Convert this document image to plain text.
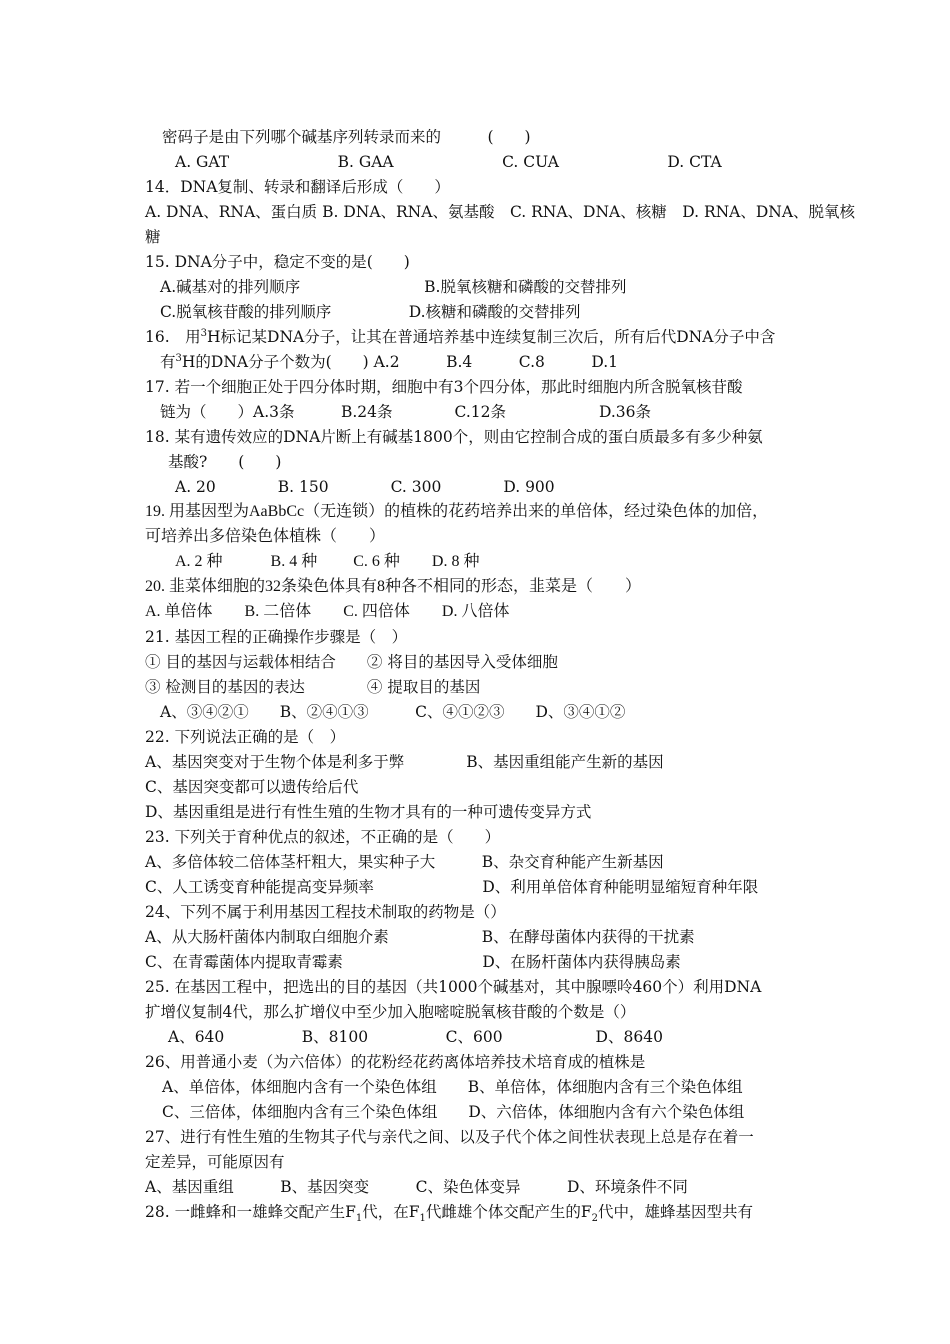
密码子是由下列哪个碱基序列转录而来的　　　(　　)
A. GAT　　　　　　　B. GAA　　　　　　　C. CUA　　　　　　　D. CTA
14．DNA复制、转录和翻译后形成（　　）
A. DNA、RNA、蛋白质 B. DNA、RNA、氨基酸　C. RNA、DNA、核糖　D. RNA、DNA、脱氧核
糖
15. DNA分子中，稳定不变的是(　　)
A.碱基对的排列顺序　　　　　　　　B.脱氧核糖和磷酸的交替排列
C.脱氧核苷酸的排列顺序　　　　　D.核糖和磷酸的交替排列
16.　用$^3$H标记某DNA分子，让其在普通培养基中连续复制三次后，所有后代DNA分子中含
有$^3$H的DNA分子个数为(　　) A.2　　　B.4　　　C.8　　　D.1
17. 若一个细胞正处于四分体时期，细胞中有3个四分体，那此时细胞内所含脱氧核苷酸
链为（　　）A.3条　　　B.24条　　　　C.12条　　　　　　D.36条
18. 某有遗传效应的DNA片断上有碱基1800个，则由它控制合成的蛋白质最多有多少种氨
基酸?　　(　　)
A. 20　　　　B. 150　　　　C. 300　　　　D. 900
19. 用基因型为AaBbCc（无连锁）的植株的花药培养出来的单倍体，经过染色体的加倍，
可培养出多倍染色体植株（　　）
A. 2 种　　　B. 4 种　　 C. 6 种　　D. 8 种
20. 韭菜体细胞的32条染色体具有8种各不相同的形态，韭菜是（　　）
A. 单倍体　　B. 二倍体　　C. 四倍体　　D. 八倍体
21. 基因工程的正确操作步骤是（　）
① 目的基因与运载体相结合　　② 将目的基因导入受体细胞
③ 检测目的基因的表达　　　　④ 提取目的基因
A、③④②①　　B、②④①③　　　C、④①②③　　D、③④①②
22. 下列说法正确的是（　）
A、基因突变对于生物个体是利多于弊　　　　B、基因重组能产生新的基因
C、基因突变都可以遗传给后代
D、基因重组是进行有性生殖的生物才具有的一种可遗传变异方式
23. 下列关于育种优点的叙述，不正确的是（　　）
A、多倍体较二倍体茎杆粗大，果实种子大　　　B、杂交育种能产生新基因
C、人工诱变育种能提高变异频率　　　　　　　D、利用单倍体育种能明显缩短育种年限
24、下列不属于利用基因工程技术制取的药物是（）
A、从大肠杆菌体内制取白细胞介素　　　　　　B、在酵母菌体内获得的干扰素
C、在青霉菌体内提取青霉素　　　　　　　　　D、在肠杆菌体内获得胰岛素
25. 在基因工程中，把选出的目的基因（共1000个碱基对，其中腺嘌呤460个）利用DNA
扩增仪复制4代，那么扩增仪中至少加入胞嘧啶脱氧核苷酸的个数是（）
A、640　　　　　B、8100　　　　　C、600　　　　　　D、8640
26、用普通小麦（为六倍体）的花粉经花药离体培养技术培育成的植株是
A、单倍体，体细胞内含有一个染色体组　　B、单倍体，体细胞内含有三个染色体组
C、三倍体，体细胞内含有三个染色体组　　D、六倍体，体细胞内含有六个染色体组
27、进行有性生殖的生物其子代与亲代之间、以及子代个体之间性状表现上总是存在着一
定差异，可能原因有
A、基因重组　　　B、基因突变　　　C、染色体变异　　　D、环境条件不同
28. 一雌蜂和一雄蜂交配产生$F_1$代，在$F_1$代雌雄个体交配产生的$F_2$代中，雄蜂基因型共有
